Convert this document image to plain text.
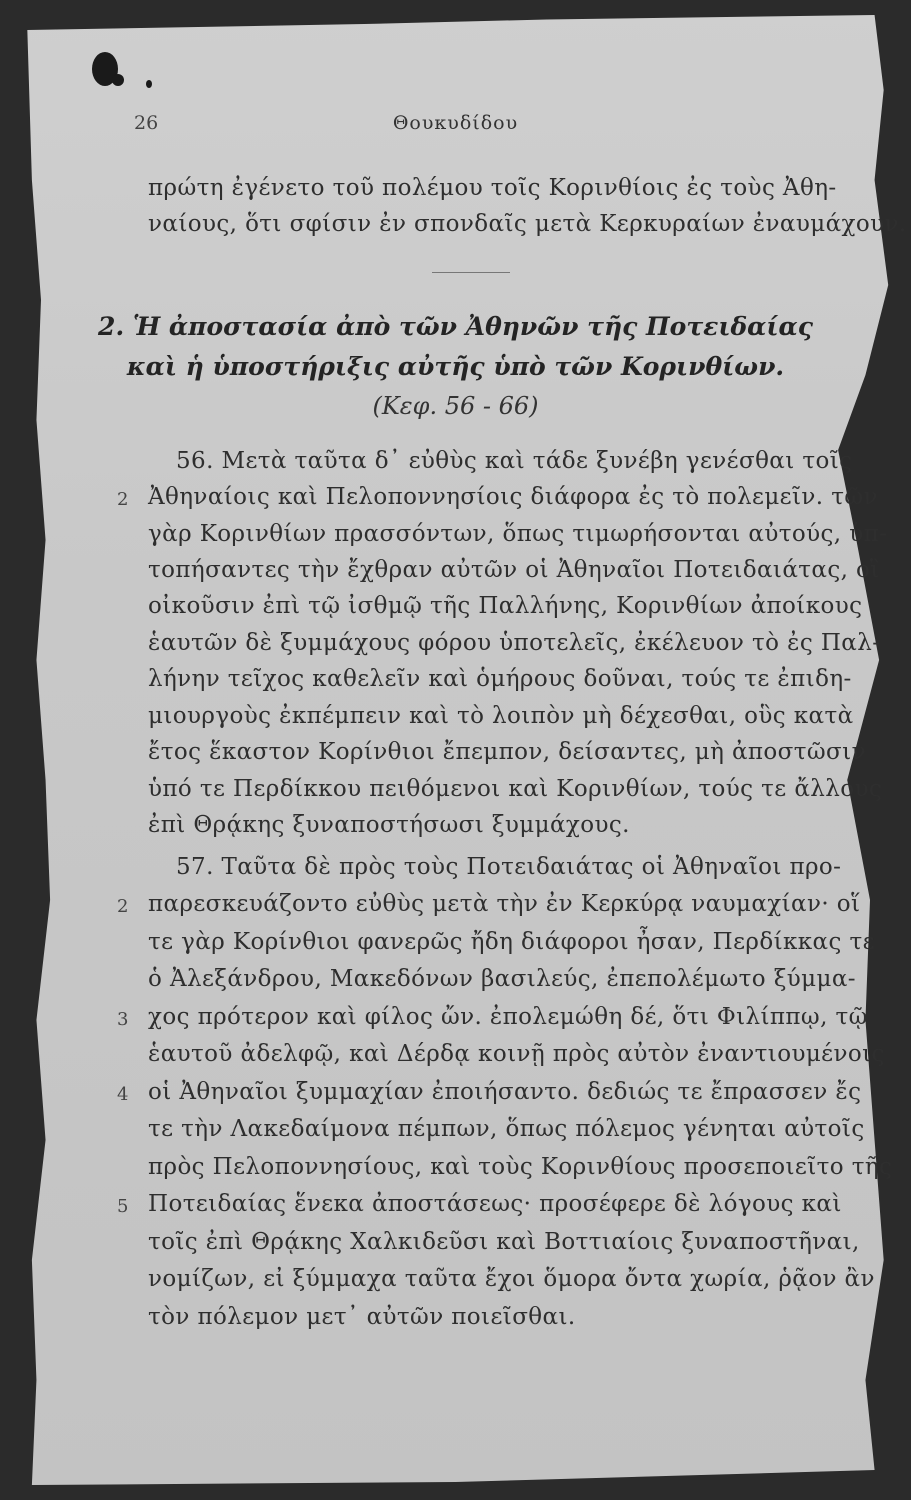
26	Θουκυδίδου
πρώτη ἐγένετο τοῦ πολέμου τοῖς Κορινθίοις ἐς τοὺς Ἀθη-
ναίους, ὅτι σφίσιν ἐν σπονδαῖς μετὰ Κερκυραίων ἐναυμάχουν.
2. Ἡ ἀποστασία ἀπὸ τῶν Ἀθηνῶν τῆς Ποτειδαίας
καὶ ἡ ὑποστήριξις αὐτῆς ὑπὸ τῶν Κορινθίων.
(Κεφ. 56 - 66)
56. Μετὰ ταῦτα δ᾽ εὐθὺς καὶ τάδε ξυνέβη γενέσθαι τοῖς
Ἀθηναίοις καὶ Πελοποννησίοις διάφορα ἐς τὸ πολεμεῖν. τῶν
γὰρ Κορινθίων πρασσόντων, ὅπως τιμωρήσονται αὐτούς, ὑπ-
τοπήσαντες τὴν ἔχθραν αὐτῶν οἱ Ἀθηναῖοι Ποτειδαιάτας, οἳ
οἰκοῦσιν ἐπὶ τῷ ἰσθμῷ τῆς Παλλήνης, Κορινθίων ἀποίκους
ἑαυτῶν δὲ ξυμμάχους φόρου ὑποτελεῖς, ἐκέλευον τὸ ἐς Παλ-
λήνην τεῖχος καθελεῖν καὶ ὁμήρους δοῦναι, τούς τε ἐπιδη-
μιουργοὺς ἐκπέμπειν καὶ τὸ λοιπὸν μὴ δέχεσθαι, οὓς κατὰ
ἔτος ἕκαστον Κορίνθιοι ἔπεμπον, δείσαντες, μὴ ἀποστῶσιν
ὑπό τε Περδίκκου πειθόμενοι καὶ Κορινθίων, τούς τε ἄλλους
ἐπὶ Θρᾴκης ξυναποστήσωσι ξυμμάχους.
57. Ταῦτα δὲ πρὸς τοὺς Ποτειδαιάτας οἱ Ἀθηναῖοι προ-
παρεσκευάζοντο εὐθὺς μετὰ τὴν ἐν Κερκύρᾳ ναυμαχίαν· οἵ
τε γὰρ Κορίνθιοι φανερῶς ἤδη διάφοροι ἦσαν, Περδίκκας τε
ὁ Ἀλεξάνδρου, Μακεδόνων βασιλεύς, ἐπεπολέμωτο ξύμμα-
χος πρότερον καὶ φίλος ὤν. ἐπολεμώθη δέ, ὅτι Φιλίππῳ, τῷ
ἑαυτοῦ ἀδελφῷ, καὶ Δέρδᾳ κοινῇ πρὸς αὐτὸν ἐναντιουμένοις
οἱ Ἀθηναῖοι ξυμμαχίαν ἐποιήσαντο. δεδιώς τε ἔπρασσεν ἔς
τε τὴν Λακεδαίμονα πέμπων, ὅπως πόλεμος γένηται αὐτοῖς
πρὸς Πελοποννησίους, καὶ τοὺς Κορινθίους προσεποιεῖτο τῆς
Ποτειδαίας ἕνεκα ἀποστάσεως· προσέφερε δὲ λόγους καὶ
τοῖς ἐπὶ Θρᾴκης Χαλκιδεῦσι καὶ Βοττιαίοις ξυναποστῆναι,
νομίζων, εἰ ξύμμαχα ταῦτα ἔχοι ὅμορα ὄντα χωρία, ῥᾷον ἂν
τὸν πόλεμον μετ᾽ αὐτῶν ποιεῖσθαι.
2
2
3
4
5
